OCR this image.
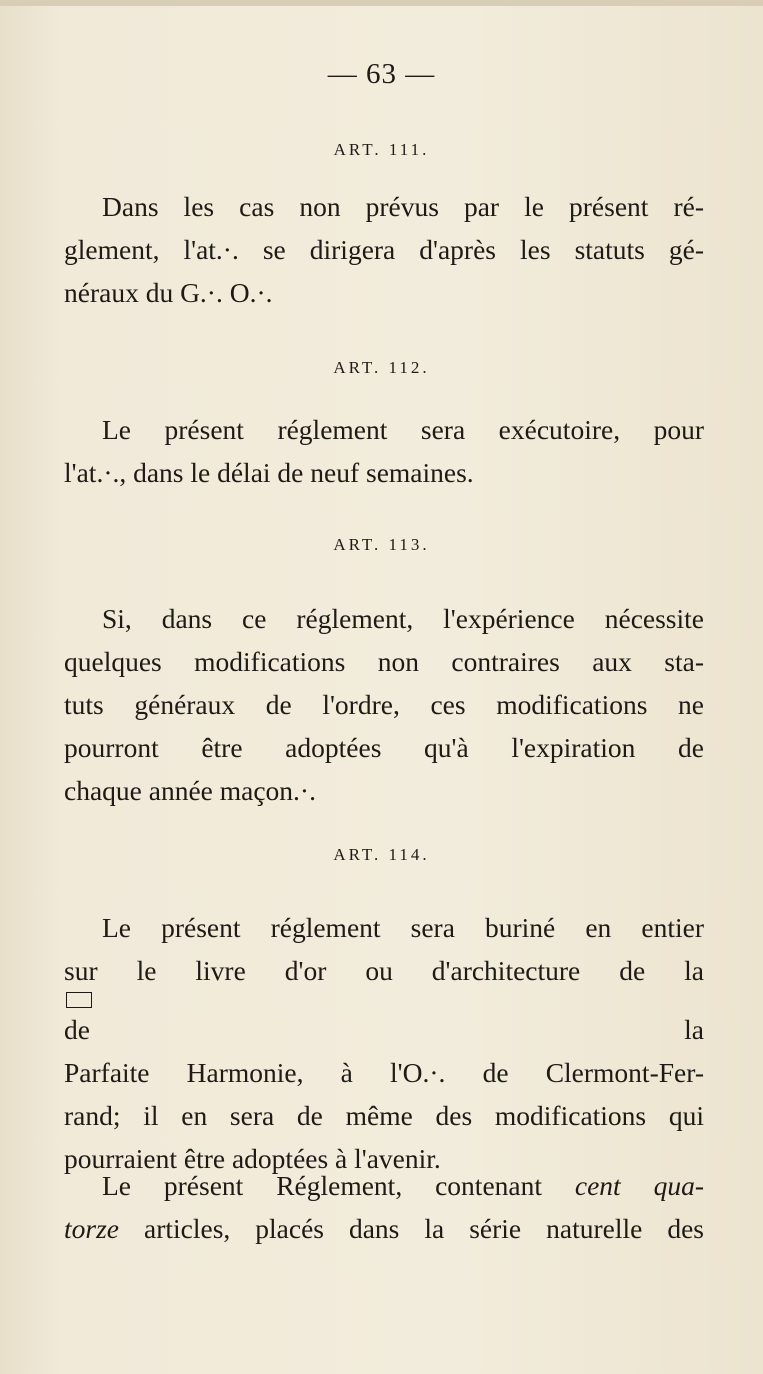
— 63 —
ART. 111.
Dans les cas non prévus par le présent ré-
glement, l'at.·. se dirigera d'après les statuts gé-
néraux du G.·. O.·.
ART. 112.
Le présent réglement sera exécutoire, pour
l'at.·., dans le délai de neuf semaines.
ART. 113.
Si, dans ce réglement, l'expérience nécessite
quelques modifications non contraires aux sta-
tuts généraux de l'ordre, ces modifications ne
pourront être adoptées qu'à l'expiration de
chaque année maçon.·.
ART. 114.
Le présent réglement sera buriné en entier
sur le livre d'or ou d'architecture de la
de la
Parfaite Harmonie, à l'O.·. de Clermont-Fer-
rand; il en sera de même des modifications qui
pourraient être adoptées à l'avenir.
Le présent Réglement, contenant cent qua-
torze articles, placés dans la série naturelle des
